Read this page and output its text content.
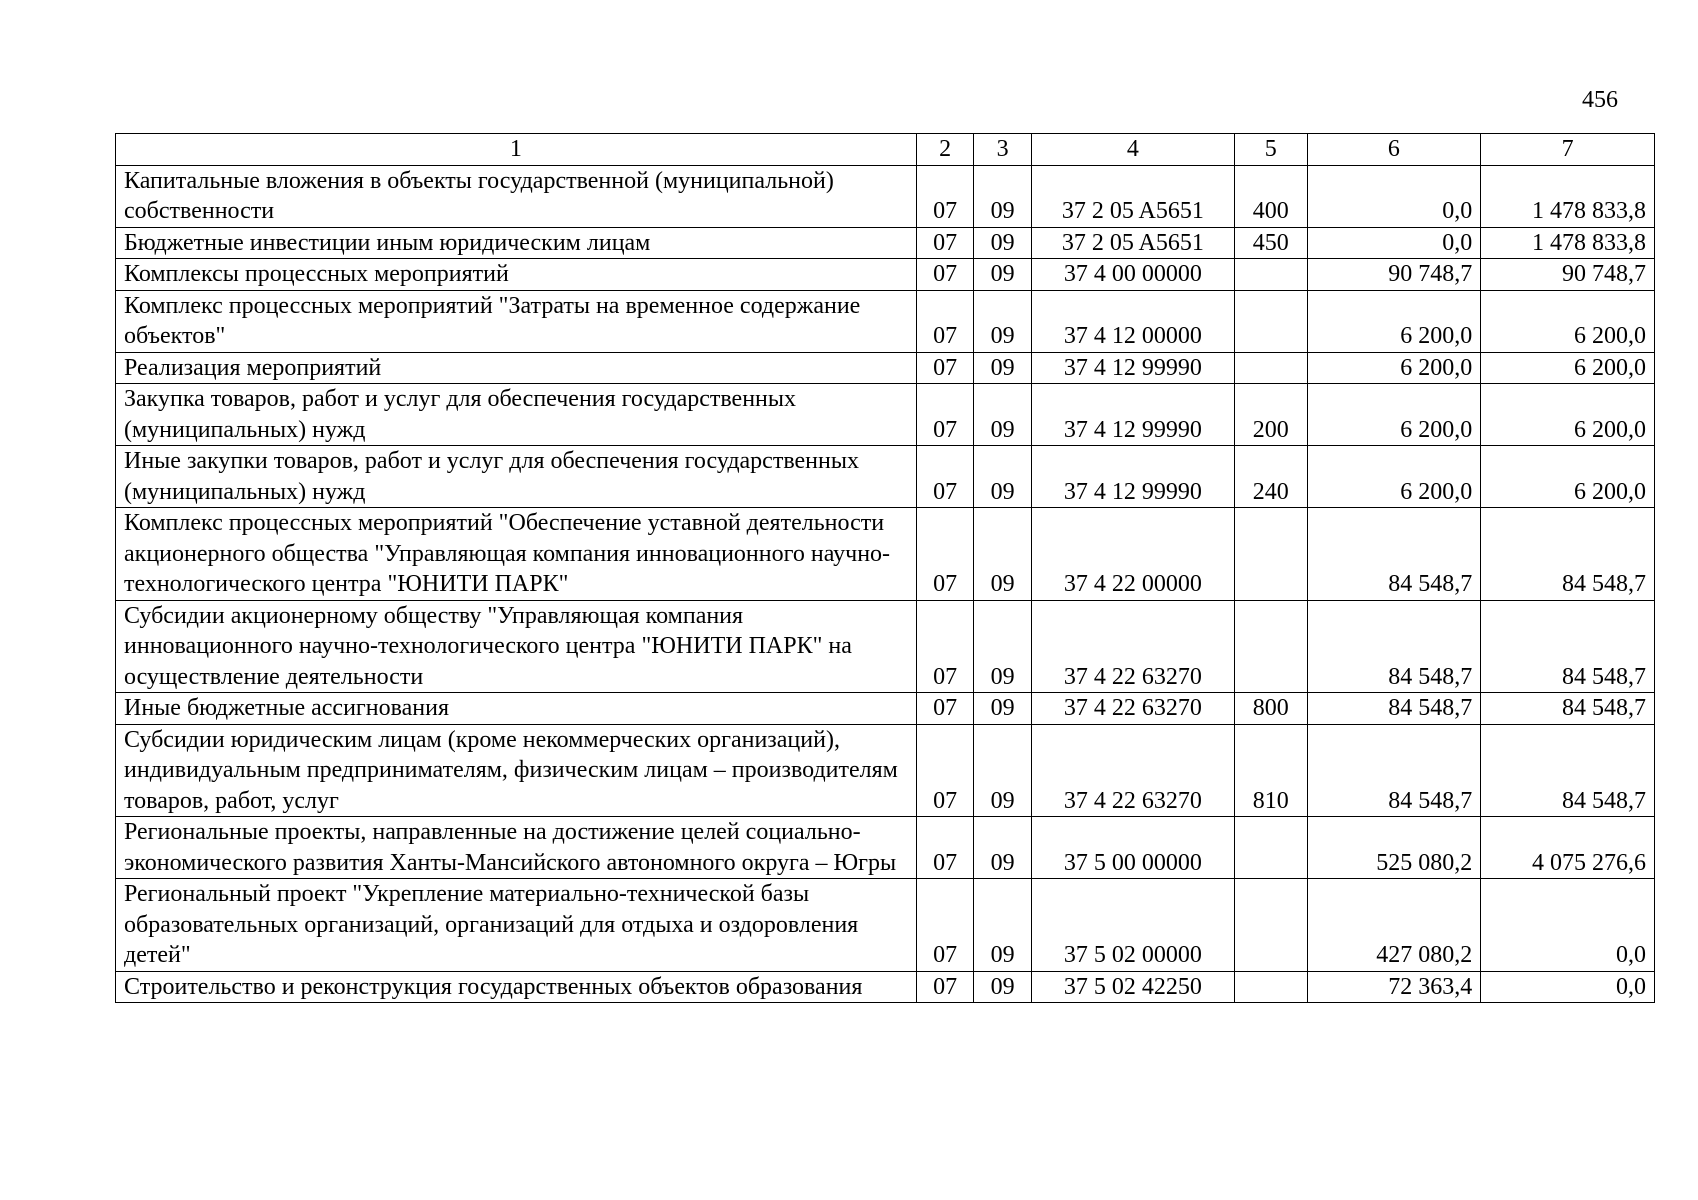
456
1	2	3	4	5	6	7
Капитальные вложения в объекты государственной (муниципальной) собственности	07	09	37 2 05 A5651	400	0,0	1 478 833,8
Бюджетные инвестиции иным юридическим лицам	07	09	37 2 05 A5651	450	0,0	1 478 833,8
Комплексы процессных мероприятий	07	09	37 4 00 00000		90 748,7	90 748,7
Комплекс процессных мероприятий "Затраты на временное содержание объектов"	07	09	37 4 12 00000		6 200,0	6 200,0
Реализация мероприятий	07	09	37 4 12 99990		6 200,0	6 200,0
Закупка товаров, работ и услуг для обеспечения государственных (муниципальных) нужд	07	09	37 4 12 99990	200	6 200,0	6 200,0
Иные закупки товаров, работ и услуг для обеспечения государственных (муниципальных) нужд	07	09	37 4 12 99990	240	6 200,0	6 200,0
Комплекс процессных мероприятий "Обеспечение уставной деятельности акционерного общества "Управляющая компания инновационного научно-технологического центра "ЮНИТИ ПАРК"	07	09	37 4 22 00000		84 548,7	84 548,7
Субсидии акционерному обществу "Управляющая компания инновационного научно-технологического центра "ЮНИТИ ПАРК" на осуществление деятельности	07	09	37 4 22 63270		84 548,7	84 548,7
Иные бюджетные ассигнования	07	09	37 4 22 63270	800	84 548,7	84 548,7
Субсидии юридическим лицам (кроме некоммерческих организаций), индивидуальным предпринимателям, физическим лицам – производителям товаров, работ, услуг	07	09	37 4 22 63270	810	84 548,7	84 548,7
Региональные проекты, направленные на достижение целей социально-экономического развития Ханты-Мансийского автономного округа – Югры	07	09	37 5 00 00000		525 080,2	4 075 276,6
Региональный проект "Укрепление материально-технической базы образовательных организаций, организаций для отдыха и оздоровления детей"	07	09	37 5 02 00000		427 080,2	0,0
Строительство и реконструкция государственных объектов образования	07	09	37 5 02 42250		72 363,4	0,0
